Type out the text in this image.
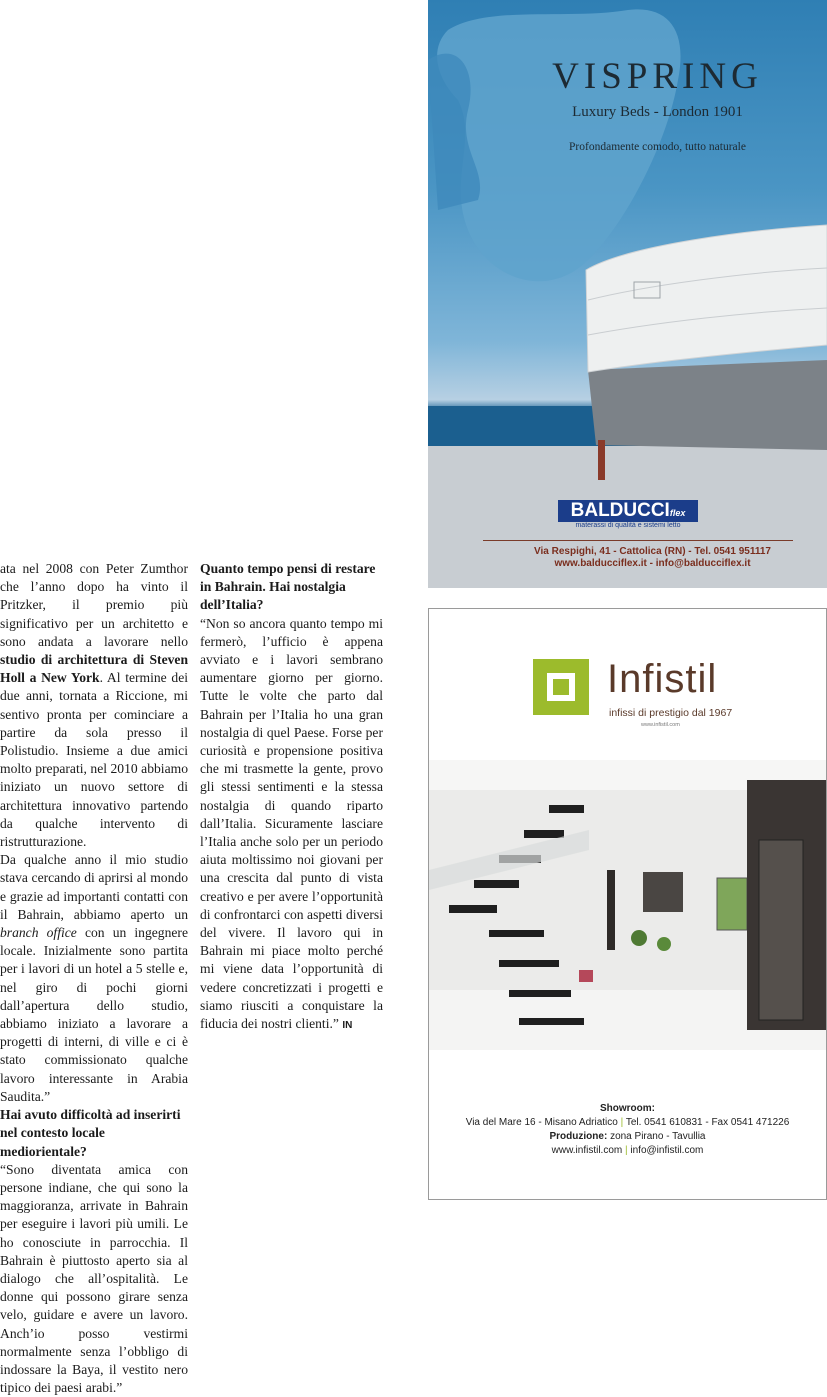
ata nel 2008 con Peter Zumthor che l’anno dopo ha vinto il Pritzker, il premio più significativo per un architetto e sono andata a lavorare nello studio di architettura di Steven Holl a New York. Al termine dei due anni, tornata a Riccione, mi sentivo pronta per cominciare a partire da sola presso il Polistudio. Insieme a due amici molto preparati, nel 2010 abbiamo iniziato un nuovo settore di architettura innovativo partendo da qualche intervento di ristrutturazione.

Da qualche anno il mio studio stava cercando di aprirsi al mondo e grazie ad importanti contatti con il Bahrain, abbiamo aperto un branch office con un ingegnere locale. Inizialmente sono partita per i lavori di un hotel a 5 stelle e, nel giro di pochi giorni dall’apertura dello studio, abbiamo iniziato a lavorare a progetti di interni, di ville e ci è stato commissionato qualche lavoro interessante in Arabia Saudita.”

Hai avuto difficoltà ad inserirti nel contesto locale mediorientale?

“Sono diventata amica con persone indiane, che qui sono la maggioranza, arrivate in Bahrain per eseguire i lavori più umili. Le ho conosciute in parrocchia. Il Bahrain è piuttosto aperto sia al dialogo che all’ospitalità. Le donne qui possono girare senza velo, guidare e avere un lavoro. Anch’io posso vestirmi normalmente senza l’obbligo di indossare la Baya, il vestito nero tipico dei paesi arabi.”

Quanto tempo pensi di restare in Bahrain. Hai nostalgia dell’Italia?

“Non so ancora quanto tempo mi fermerò, l’ufficio è appena avviato e i lavori sembrano aumentare giorno per giorno. Tutte le volte che parto dal Bahrain per l’Italia ho una gran nostalgia di quel Paese. Forse per curiosità e propensione positiva che mi trasmette la gente, provo gli stessi sentimenti e la stessa nostalgia di quando riparto dall’Italia. Sicuramente lasciare l’Italia anche solo per un periodo aiuta moltissimo noi giovani per una crescita dal punto di vista creativo e per avere l’opportunità di confrontarci con aspetti diversi del vivere. Il lavoro qui in Bahrain mi piace molto perché mi viene data l’opportunità di vedere concretizzati i progetti e siamo riusciti a conquistare la fiducia dei nostri clienti.” IN

VISPRING
Luxury Beds - London 1901
Profondamente comodo, tutto naturale
BALDUCCIflex
materassi di qualità e sistemi letto
Via Respighi, 41 - Cattolica (RN) - Tel. 0541 951117
www.balducciflex.it - info@balducciflex.it
Infistil
infissi di prestigio dal 1967
www.infistil.com
Showroom:
Via del Mare 16 - Misano Adriatico | Tel. 0541 610831 - Fax 0541 471226
Produzione: zona Pirano - Tavullia
www.infistil.com | info@infistil.com
